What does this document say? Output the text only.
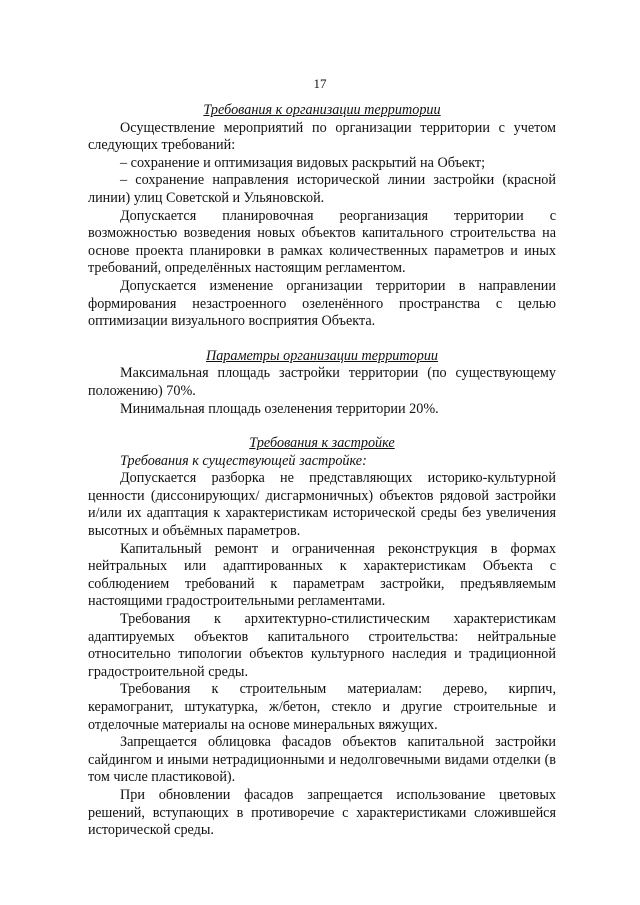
17

Требования к организации территории

Осуществление мероприятий по организации территории с учетом следующих требований:

– сохранение и оптимизация видовых раскрытий на Объект;

– сохранение направления исторической линии застройки (красной линии) улиц Советской и Ульяновской.

Допускается планировочная реорганизация территории с возможностью возведения новых объектов капитального строительства на основе проекта планировки в рамках количественных параметров и иных требований, определённых настоящим регламентом.

Допускается изменение организации территории в направлении формирования незастроенного озеленённого пространства с целью оптимизации визуального восприятия Объекта.

Параметры организации территории

Максимальная площадь застройки территории (по существующему положению) 70%.

Минимальная площадь озеленения территории 20%.

Требования к застройке

Требования к существующей застройке:

Допускается разборка не представляющих историко-культурной ценности (диссонирующих/ дисгармоничных) объектов рядовой застройки и/или их адаптация к характеристикам исторической среды без увеличения высотных и объёмных параметров.

Капитальный ремонт и ограниченная реконструкция в формах нейтральных или адаптированных к характеристикам Объекта с соблюдением требований к параметрам застройки, предъявляемым настоящими градостроительными регламентами.

Требования к архитектурно-стилистическим характеристикам адаптируемых объектов капитального строительства: нейтральные относительно типологии объектов культурного наследия и традиционной градостроительной среды.

Требования к строительным материалам: дерево, кирпич, керамогранит, штукатурка, ж/бетон, стекло и другие строительные и отделочные материалы на основе минеральных вяжущих.

Запрещается облицовка фасадов объектов капитальной застройки сайдингом и иными нетрадиционными и недолговечными видами отделки (в том числе пластиковой).

При обновлении фасадов запрещается использование цветовых решений, вступающих в противоречие с характеристиками сложившейся исторической среды.
